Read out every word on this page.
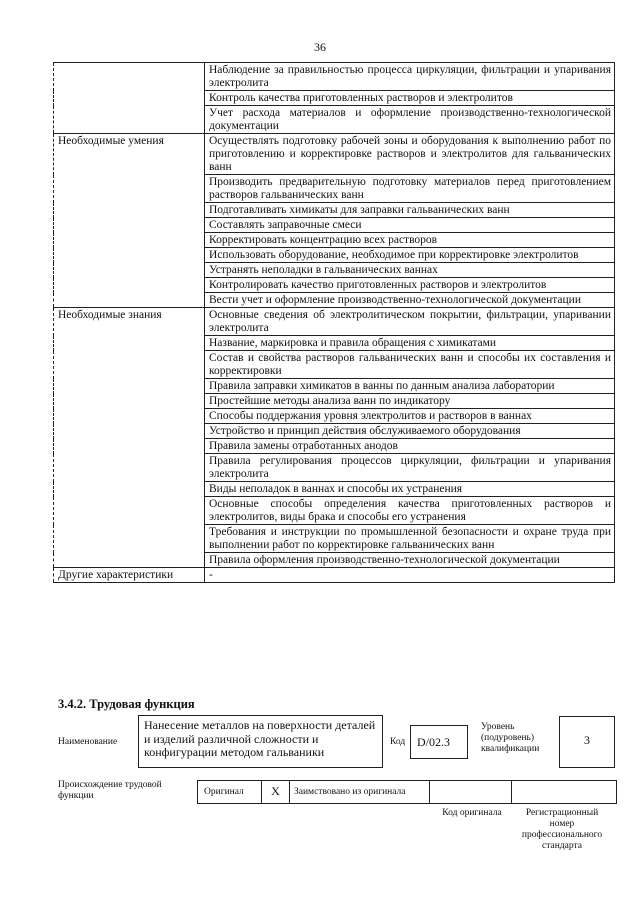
36
	Наблюдение за правильностью процесса циркуляции, фильтрации и упаривания электролита
	Контроль качества приготовленных растворов и электролитов
	Учет расхода материалов и оформление производственно-технологической документации
Необходимые умения	Осуществлять подготовку рабочей зоны и оборудования к выполнению работ по приготовлению и корректировке растворов и электролитов для гальванических ванн
	Производить предварительную подготовку материалов перед приготовлением растворов гальванических ванн
	Подготавливать химикаты для заправки гальванических ванн
	Составлять заправочные смеси
	Корректировать концентрацию всех растворов
	Использовать оборудование, необходимое при корректировке электролитов
	Устранять неполадки в гальванических ваннах
	Контролировать качество приготовленных растворов и электролитов
	Вести учет и оформление производственно-технологической документации
Необходимые знания	Основные сведения об электролитическом покрытии, фильтрации, упаривании электролита
	Название, маркировка и правила обращения с химикатами
	Состав и свойства растворов гальванических ванн и способы их составления и корректировки
	Правила заправки химикатов в ванны по данным анализа лаборатории
	Простейшие методы анализа ванн по индикатору
	Способы поддержания уровня электролитов и растворов в ваннах
	Устройство и принцип действия обслуживаемого оборудования
	Правила замены отработанных анодов
	Правила регулирования процессов циркуляции, фильтрации и упаривания электролита
	Виды неполадок в ваннах и способы их устранения
	Основные способы определения качества приготовленных растворов и электролитов, виды брака и способы его устранения
	Требования и инструкции по промышленной безопасности и охране труда при выполнении работ по корректировке гальванических ванн
	Правила оформления производственно-технологической документации
Другие характеристики	-
3.4.2. Трудовая функция
Наименование
Нанесение металлов на поверхности деталей и изделий различной сложности и конфигурации методом гальваники
Код D/02.3
Уровень (подуровень) квалификации
3
Происхождение трудовой функции	Оригинал	X	Заимствовано из оригинала
Код оригинала	Регистрационный номер профессионального стандарта
